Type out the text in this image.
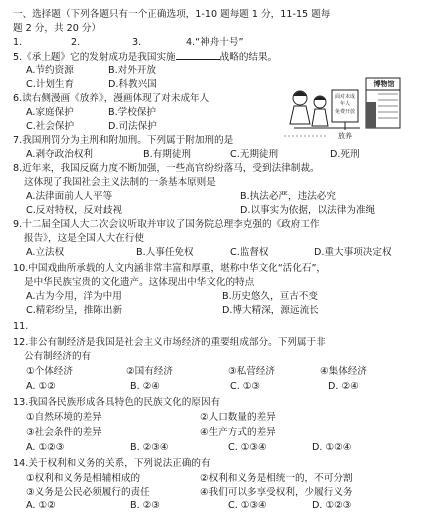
一、选择题（下列各题只有一个正确选项，1-10 题每题 1 分，11-15 题每
题 2 分，共 20 分）
1.	2.	3.	4.“神舟十号”
5.《承上题》它的发射成功是我国实施	战略的结果。
A.节约资源	B.对外开放
C.计划生育	D.科教兴国
6.读右侧漫画《放养》，漫画体现了对未成年人
A.家庭保护	B.学校保护
C.社会保护	D.司法保护
博物馆
面对未成年人
免费开放
放养
7.我国刑罚分为主刑和附加刑。下列属于附加刑的是
A.剥夺政治权利	B.有期徒刑	C.无期徒刑	D.死刑
8.近年来，我国反腐力度不断加强，一些高官纷纷落马，受到法律制裁。
这体现了我国社会主义法制的一条基本原则是
A.法律面前人人平等	B.执法必严，违法必究
C.反对特权，反对歧视	D.以事实为依据，以法律为准绳
9.十二届全国人大二次会议听取并审议了国务院总理李克强的《政府工作
报告》，这是全国人大在行使
A.立法权	B.人事任免权	C.监督权	D.重大事项决定权
10.中国戏曲所承载的人文内涵非常丰富和厚重，堪称中华文化“活化石”，
是中华民族宝贵的文化遗产。这体现出中华文化的特点
A.古为今用，洋为中用	B.历史悠久，亘古不变
C.精彩纷呈，推陈出新	D.博大精深，源远流长
11.
12.非公有制经济是我国是社会主义市场经济的重要组成部分。下列属于非
公有制经济的有
①个体经济	②国有经济	③私营经济	④集体经济
A. ①②	B. ②④	C. ①③	D. ②④
13.我国各民族形成各具特色的民族文化的原因有
①自然环境的差异	②人口数量的差异
③社会条件的差异	④生产方式的差异
A. ①②③	B. ②③④	C. ①③④	D. ①②④
14.关于权利和义务的关系，下列说法正确的有
①权利和义务是相辅相成的	②权利和义务是相统一的，不可分割
③义务是公民必须履行的责任	④我们可以多享受权利，少履行义务
A. ①②	B. ②③	C. ①③④	D. ①②③
